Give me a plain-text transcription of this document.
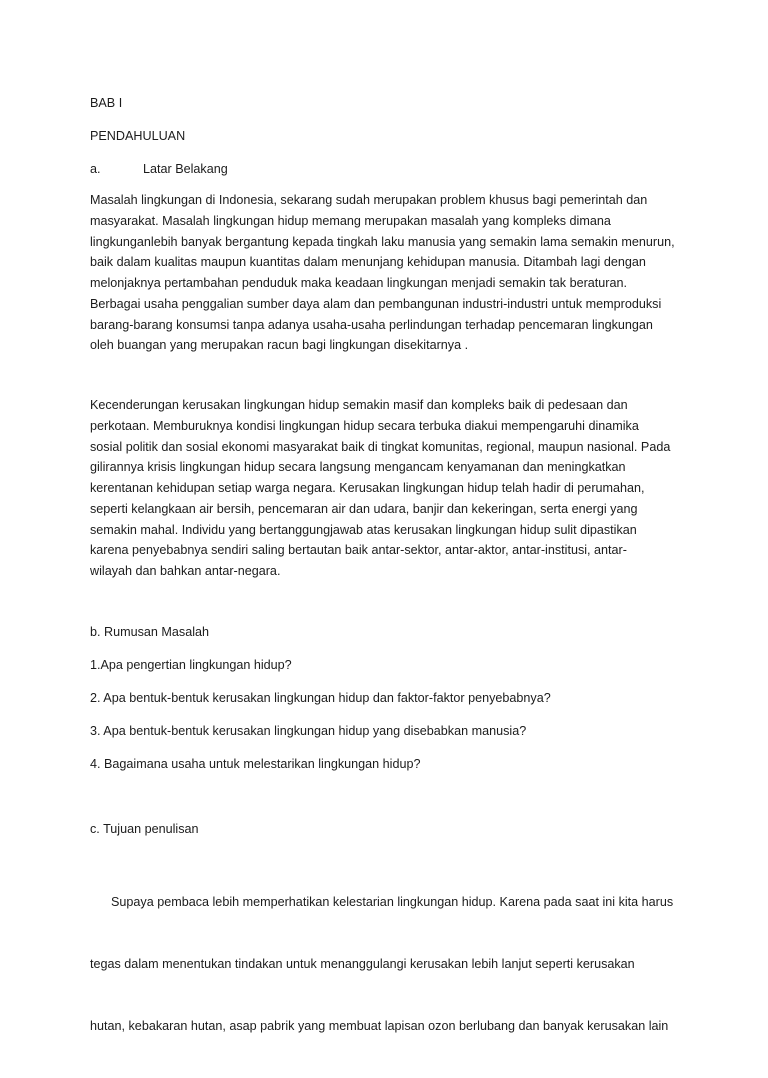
BAB I
PENDAHULUAN
a.	Latar Belakang
Masalah lingkungan di Indonesia, sekarang sudah merupakan problem khusus bagi pemerintah dan
masyarakat. Masalah lingkungan hidup memang merupakan masalah yang kompleks dimana
lingkunganlebih banyak bergantung kepada tingkah laku manusia yang semakin lama semakin menurun,
baik dalam kualitas maupun kuantitas dalam menunjang kehidupan manusia. Ditambah lagi dengan
melonjaknya pertambahan penduduk maka keadaan lingkungan menjadi semakin tak beraturan.
Berbagai usaha penggalian sumber daya alam dan pembangunan industri-industri untuk memproduksi
barang-barang konsumsi tanpa adanya usaha-usaha perlindungan terhadap pencemaran lingkungan
oleh buangan yang merupakan racun bagi lingkungan disekitarnya .
Kecenderungan kerusakan lingkungan hidup semakin masif dan kompleks baik di pedesaan dan
perkotaan. Memburuknya kondisi lingkungan hidup secara terbuka diakui mempengaruhi dinamika
sosial politik dan sosial ekonomi masyarakat baik di tingkat komunitas, regional, maupun nasional. Pada
gilirannya krisis lingkungan hidup secara langsung mengancam kenyamanan dan meningkatkan
kerentanan kehidupan setiap warga negara. Kerusakan lingkungan hidup telah hadir di perumahan,
seperti kelangkaan air bersih, pencemaran air dan udara, banjir dan kekeringan, serta energi yang
semakin mahal. Individu yang bertanggungjawab atas kerusakan lingkungan hidup sulit dipastikan
karena penyebabnya sendiri saling bertautan baik antar-sektor, antar-aktor, antar-institusi, antar-
wilayah dan bahkan antar-negara.
b. Rumusan Masalah
1.Apa pengertian lingkungan hidup?
2. Apa bentuk-bentuk kerusakan lingkungan hidup dan faktor-faktor penyebabnya?
3. Apa bentuk-bentuk kerusakan lingkungan hidup yang disebabkan manusia?
4. Bagaimana usaha untuk melestarikan lingkungan hidup?
c. Tujuan penulisan

Supaya pembaca lebih memperhatikan kelestarian lingkungan hidup. Karena pada saat ini kita harus

tegas dalam menentukan tindakan untuk menanggulangi kerusakan lebih lanjut seperti kerusakan

hutan, kebakaran hutan, asap pabrik yang membuat lapisan ozon berlubang dan banyak kerusakan lain
